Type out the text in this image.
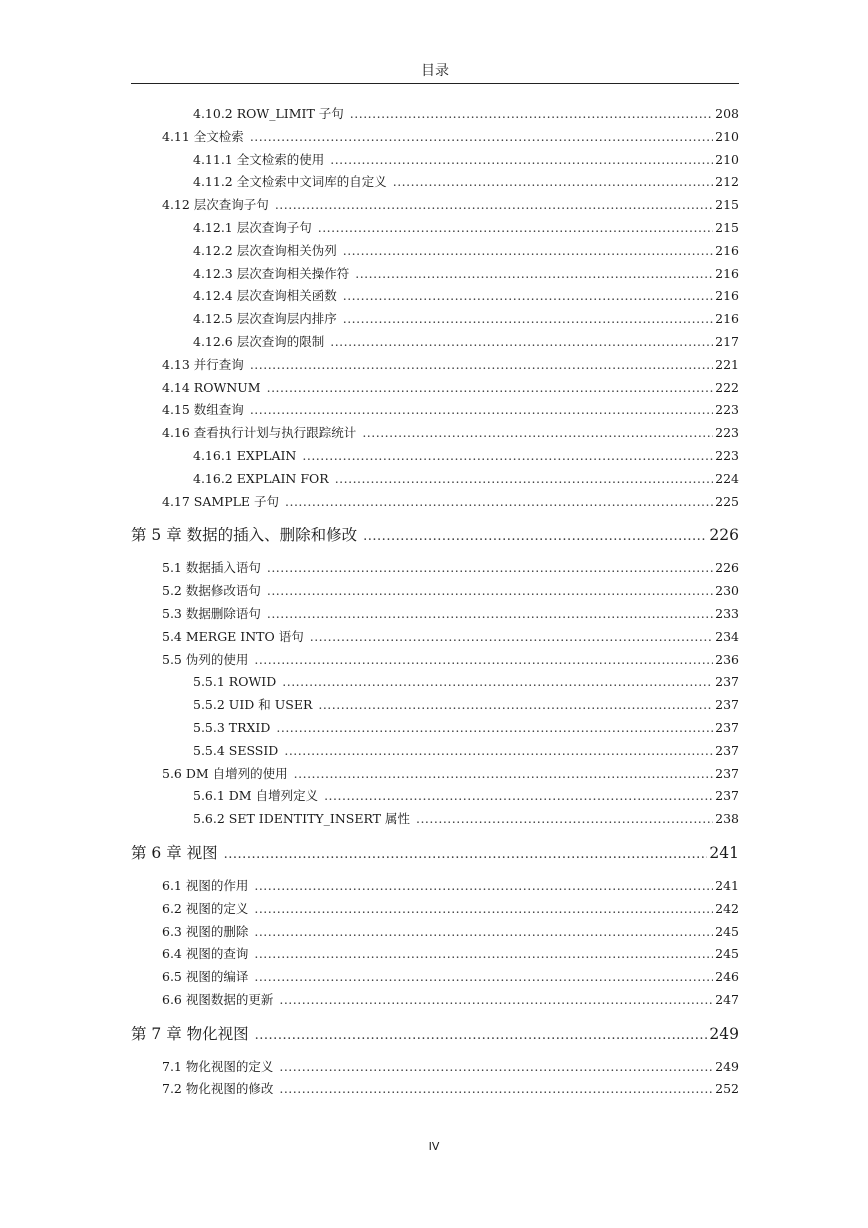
目录
4.10.2 ROW_LIMIT 子句 .....	208
4.11 全文检索 .....	210
4.11.1 全文检索的使用 .....	210
4.11.2 全文检索中文词库的自定义 .....	212
4.12 层次查询子句 .....	215
4.12.1 层次查询子句 .....	215
4.12.2 层次查询相关伪列 .....	216
4.12.3 层次查询相关操作符 .....	216
4.12.4 层次查询相关函数 .....	216
4.12.5 层次查询层内排序 .....	216
4.12.6 层次查询的限制 .....	217
4.13 并行查询 .....	221
4.14 ROWNUM .....	222
4.15 数组查询 .....	223
4.16 查看执行计划与执行跟踪统计 .....	223
4.16.1 EXPLAIN .....	223
4.16.2 EXPLAIN FOR .....	224
4.17 SAMPLE 子句 .....	225
第 5 章 数据的插入、删除和修改 .....	226
5.1 数据插入语句 .....	226
5.2 数据修改语句 .....	230
5.3 数据删除语句 .....	233
5.4 MERGE INTO 语句 .....	234
5.5 伪列的使用 .....	236
5.5.1 ROWID .....	237
5.5.2 UID 和 USER .....	237
5.5.3 TRXID .....	237
5.5.4 SESSID .....	237
5.6 DM 自增列的使用 .....	237
5.6.1 DM 自增列定义 .....	237
5.6.2 SET IDENTITY_INSERT 属性 .....	238
第 6 章 视图 .....	241
6.1 视图的作用 .....	241
6.2 视图的定义 .....	242
6.3 视图的删除 .....	245
6.4 视图的查询 .....	245
6.5 视图的编译 .....	246
6.6 视图数据的更新 .....	247
第 7 章 物化视图 .....	249
7.1 物化视图的定义 .....	249
7.2 物化视图的修改 .....	252
IV
